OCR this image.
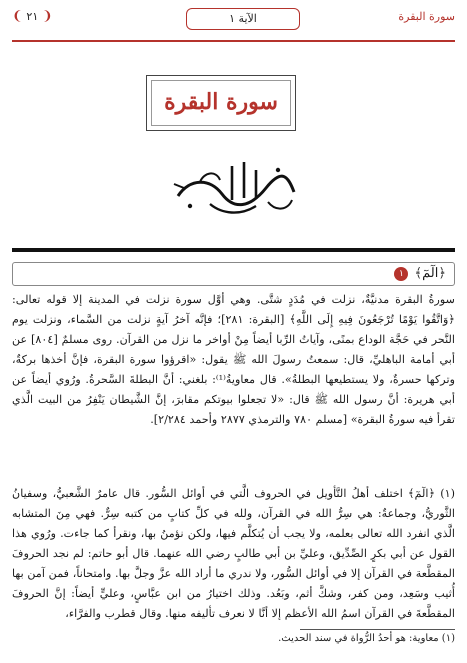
سورة البقرة
الآية ١
❨ ٢١ ❩
سورة البقرة
﴿الٓمٓ﴾ ١
سورةُ البقرة مدنيَّةٌ، نزلت في مُدَدٍ شتَّى. وهي أوَّل سورة نزلت في المدينة إلا قوله تعالى: ﴿وَاتَّقُوا يَوْمًا تُرْجَعُونَ فِيهِ إِلَى اللَّهِ﴾ [البقرة: ٢٨١]؛ فإنَّه آخرُ آيةٍ نزلت من السَّماء، ونزلت يوم النَّحر في حَجَّة الوداع بمنًى، وآياتُ الرِّبا أيضاً مِنْ أواخر ما نزل من القرآن. روى مسلمٌ [٨٠٤] عن أبي أمامة الباهليِّ، قال: سمعتُ رسولَ الله ﷺ يقول: «اقرؤوا سورة البقرة، فإنَّ أخذها بركةٌ، وتركها حسرةٌ، ولا يستطيعها البطلةُ». قال معاويةُ⁽¹⁾: بلغني: أنَّ البطلةَ السَّحرةُ. ورُوي أيضاً عن أبي هريرة: أنَّ رسول الله ﷺ قال: «لا تجعلوا بيوتكم مقابرَ، إنَّ الشَّيطان يَنْفِرُ من البيت الَّذي تقرأ فيه سورةُ البقرة» [مسلم ٧٨٠ والترمذي ٢٨٧٧ وأحمد ٢/٢٨٤].
(١) ﴿الٓمٓ﴾ اختلف أهلُ التَّأويل في الحروف الَّتي في أوائل السُّور. قال عامرٌ الشَّعبيُّ، وسفيانُ الثَّوريُّ، وجماعةٌ: هي سِرُّ الله في القرآن، ولله في كلِّ كتابٍ من كتبه سِرٌّ. فهي مِنَ المتشابه الَّذي انفرد الله تعالى بعلمه، ولا يجب أن يُتكلَّم فيها، ولكن نؤمنُ بها، ونقرأ كما جاءت. ورُوي هذا القول عن أبي بكرٍ الصِّدِّيق، وعليِّ بن أبي طالبٍ رضي الله عنهما. قال أبو حاتم: لم نجد الحروفَ المقطَّعة في القرآن إلا في أوائل السُّور، ولا ندري ما أراد الله عزَّ وجلَّ بها. وامتحاناً، فمن آمن بها أُثيب وسَعِد، ومن كفر، وشكَّ أثم، وبَعُد. وذلك اختيارُ من ابن عبَّاسٍ، وعليٍّ أيضاً: إنَّ الحروفَ المقطَّعةَ في القرآن اسمُ الله الأعظم إلا أنَّا لا نعرف تأليفه منها. وقال قطرب والفرَّاء،
(١) معاوية: هو أحدُ الرُّواة في سند الحديث.
